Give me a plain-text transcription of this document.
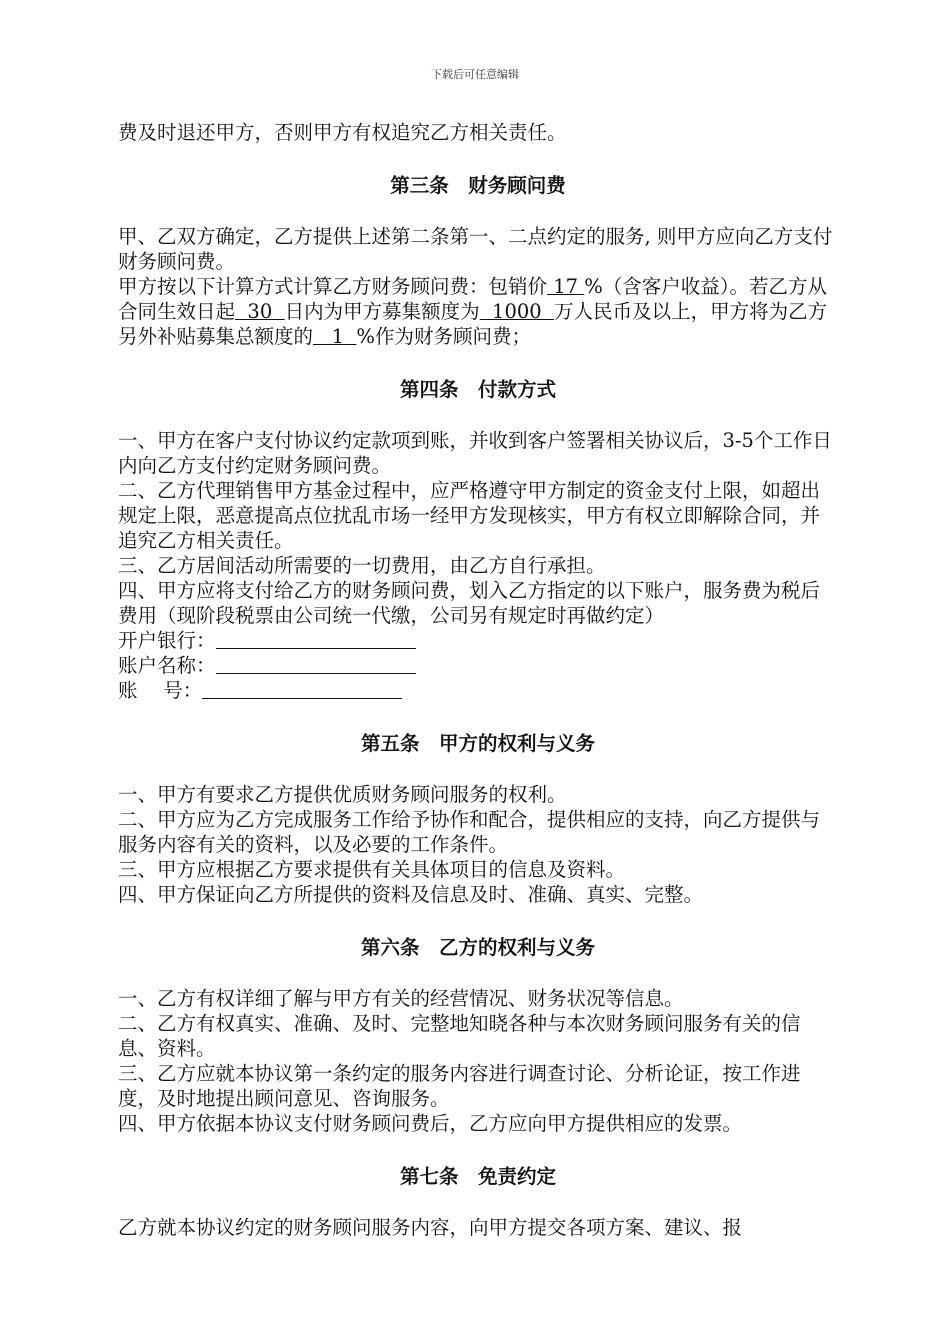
下载后可任意编辑

费及时退还甲方，否则甲方有权追究乙方相关责任。

第三条　财务顾问费

甲、乙双方确定，乙方提供上述第二条第一、二点约定的服务, 则甲方应向乙方支付财务顾问费。

甲方按以下计算方式计算乙方财务顾问费：包销价 17 %（含客户收益）。若乙方从合同生效日起  30  日内为甲方募集额度为  1000  万人民币及以上，甲方将为乙方另外补贴募集总额度的   1  %作为财务顾问费；

第四条　付款方式

一、甲方在客户支付协议约定款项到账，并收到客户签署相关协议后，3-5个工作日内向乙方支付约定财务顾问费。

二、乙方代理销售甲方基金过程中，应严格遵守甲方制定的资金支付上限，如超出规定上限，恶意提高点位扰乱市场一经甲方发现核实，甲方有权立即解除合同，并追究乙方相关责任。

三、乙方居间活动所需要的一切费用，由乙方自行承担。

四、甲方应将支付给乙方的财务顾问费，划入乙方指定的以下账户，服务费为税后费用（现阶段税票由公司统一代缴，公司另有规定时再做约定）

开户银行：

账户名称：

账　 号：

第五条　甲方的权利与义务

一、甲方有要求乙方提供优质财务顾问服务的权利。

二、甲方应为乙方完成服务工作给予协作和配合，提供相应的支持，向乙方提供与服务内容有关的资料，以及必要的工作条件。

三、甲方应根据乙方要求提供有关具体项目的信息及资料。

四、甲方保证向乙方所提供的资料及信息及时、准确、真实、完整。

第六条　乙方的权利与义务

一、乙方有权详细了解与甲方有关的经营情况、财务状况等信息。

二、乙方有权真实、准确、及时、完整地知晓各种与本次财务顾问服务有关的信息、资料。

三、乙方应就本协议第一条约定的服务内容进行调查讨论、分析论证，按工作进度，及时地提出顾问意见、咨询服务。

四、甲方依据本协议支付财务顾问费后，乙方应向甲方提供相应的发票。

第七条　免责约定

乙方就本协议约定的财务顾问服务内容，向甲方提交各项方案、建议、报
